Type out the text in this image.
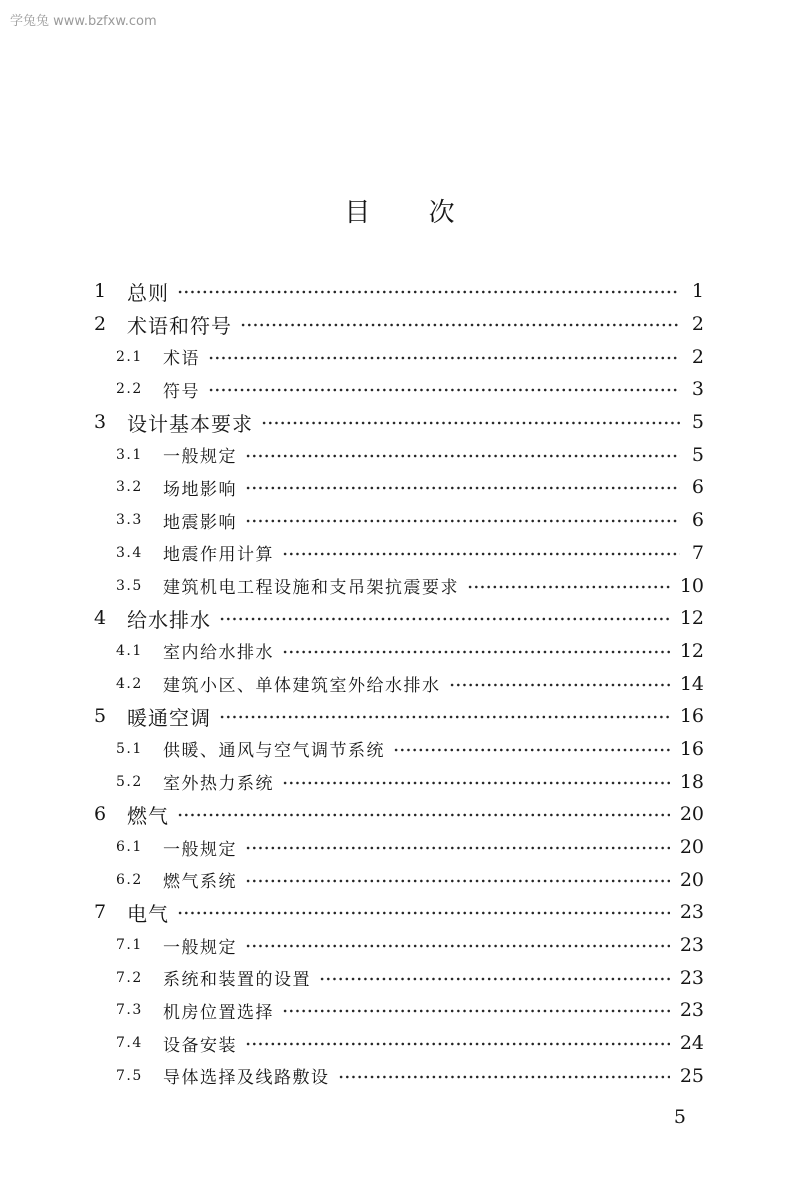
学兔兔 www.bzfxw.com
目 次
1	总则	1
2	术语和符号	2
2.1	术语	2
2.2	符号	3
3	设计基本要求	5
3.1	一般规定	5
3.2	场地影响	6
3.3	地震影响	6
3.4	地震作用计算	7
3.5	建筑机电工程设施和支吊架抗震要求	10
4	给水排水	12
4.1	室内给水排水	12
4.2	建筑小区、单体建筑室外给水排水	14
5	暖通空调	16
5.1	供暖、通风与空气调节系统	16
5.2	室外热力系统	18
6	燃气	20
6.1	一般规定	20
6.2	燃气系统	20
7	电气	23
7.1	一般规定	23
7.2	系统和装置的设置	23
7.3	机房位置选择	23
7.4	设备安装	24
7.5	导体选择及线路敷设	25
5
